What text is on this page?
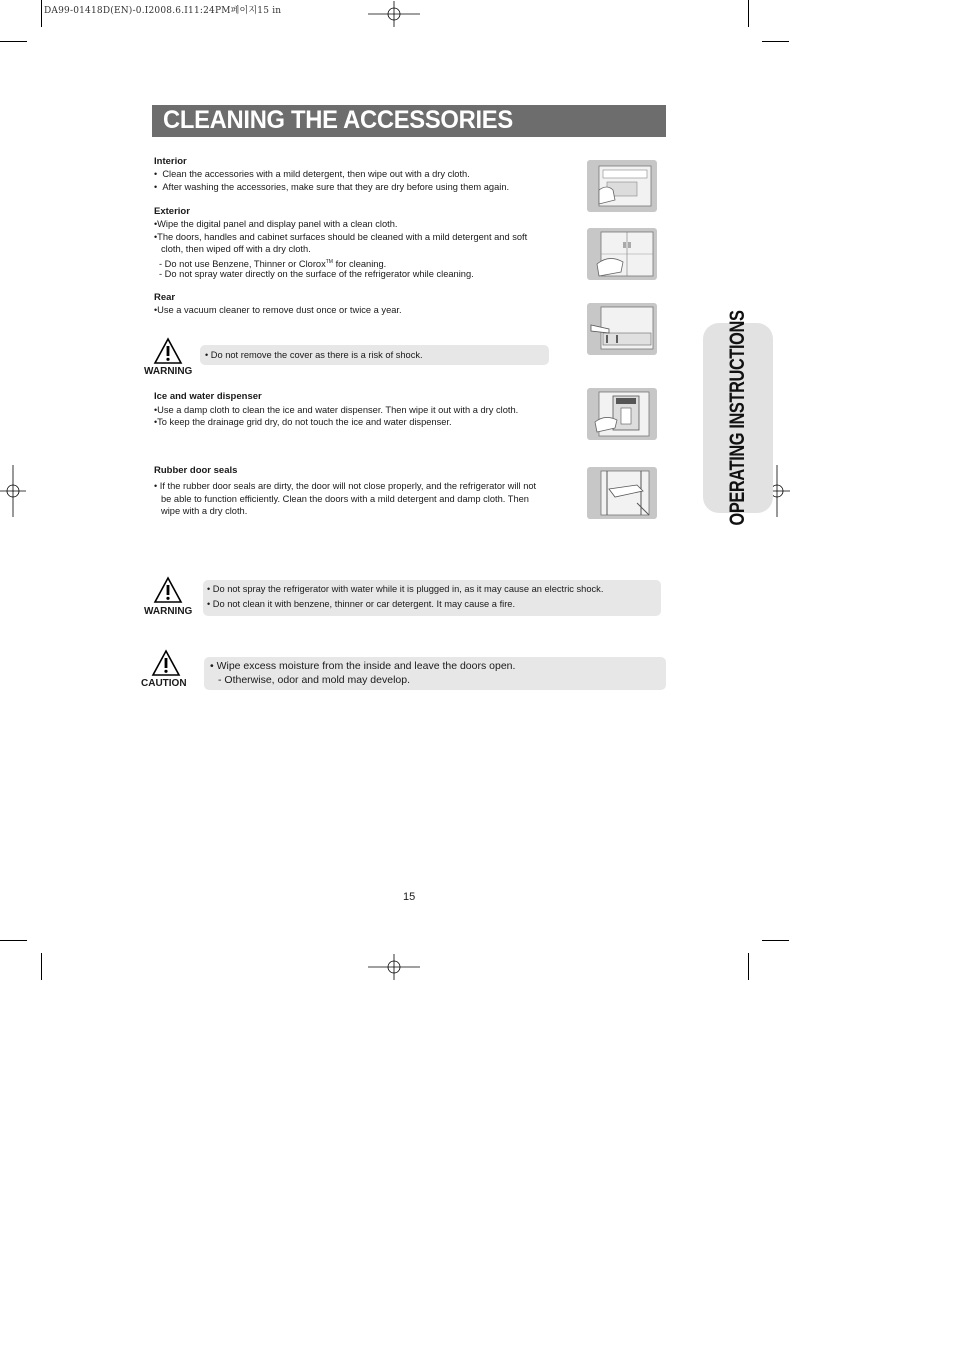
DA99-01418D(EN)-0.I2008.6.I11:24PM페이지15 in
CLEANING THE ACCESSORIES
OPERATING INSTRUCTIONS
Interior
• Clean the accessories with a mild detergent, then wipe out with a dry cloth.
• After washing the accessories, make sure that they are dry before using them again.
Exterior
•Wipe the digital panel and display panel with a clean cloth.
•The doors, handles and cabinet surfaces should be cleaned with a mild detergent and soft
cloth, then wiped off with a dry cloth.
- Do not use Benzene, Thinner or Clorox™ for cleaning.
- Do not spray water directly on the surface of the refrigerator while cleaning.
Rear
•Use a vacuum cleaner to remove dust once or twice a year.
WARNING
• Do not remove the cover as there is a risk of shock.
Ice and water dispenser
•Use a damp cloth to clean the ice and water dispenser. Then wipe it out with a dry cloth.
•To keep the drainage grid dry, do not touch the ice and water dispenser.
Rubber door seals
• If the rubber door seals are dirty, the door will not close properly, and the refrigerator will not
be able to function efficiently. Clean the doors with a mild detergent and damp cloth. Then
wipe with a dry cloth.
WARNING
• Do not spray the refrigerator with water while it is plugged in, as it may cause an electric shock.
• Do not clean it with benzene, thinner or car detergent. It may cause a fire.
CAUTION
• Wipe excess moisture from the inside and leave the doors open.
- Otherwise, odor and mold may develop.
15
